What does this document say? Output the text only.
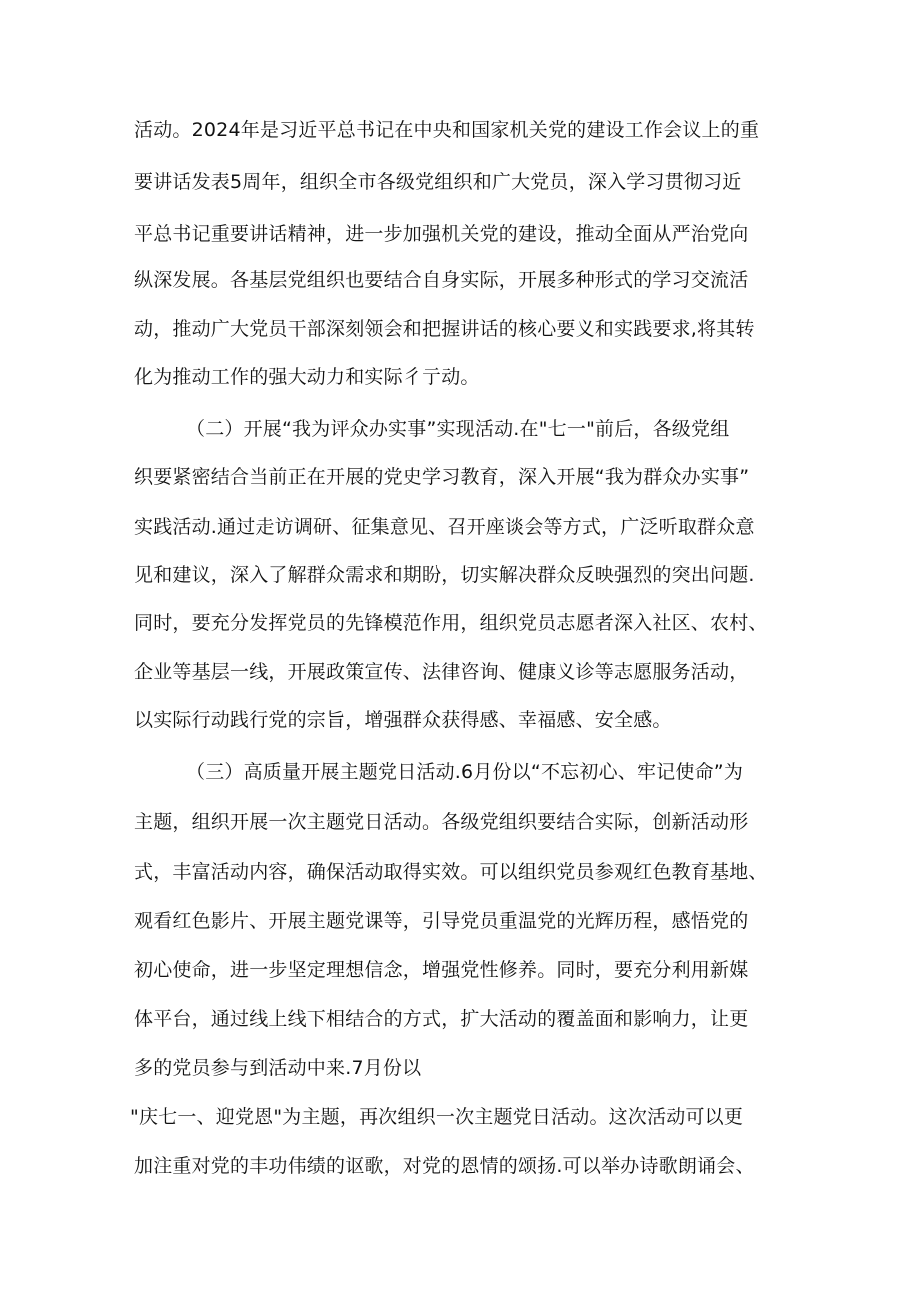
活动。2024年是习近平总书记在中央和国家机关党的建设工作会议上的重
要讲话发表5周年，组织全市各级党组织和广大党员，深入学习贯彻习近
平总书记重要讲话精神，进一步加强机关党的建设，推动全面从严治党向
纵深发展。各基层党组织也要结合自身实际，开展多种形式的学习交流活
动，推动广大党员干部深刻领会和把握讲话的核心要义和实践要求,将其转
化为推动工作的强大动力和实际彳亍动。
（二）开展“我为评众办实事”实现活动.在"七一"前后，各级党组
织要紧密结合当前正在开展的党史学习教育，深入开展“我为群众办实事”
实践活动.通过走访调研、征集意见、召开座谈会等方式，广泛听取群众意
见和建议，深入了解群众需求和期盼，切实解决群众反映强烈的突出问题.
同时，要充分发挥党员的先锋模范作用，组织党员志愿者深入社区、农村、
企业等基层一线，开展政策宣传、法律咨询、健康义诊等志愿服务活动，
以实际行动践行党的宗旨，增强群众获得感、幸福感、安全感。
（三）高质量开展主题党日活动.6月份以“不忘初心、牢记使命”为
主题，组织开展一次主题党日活动。各级党组织要结合实际，创新活动形
式，丰富活动内容，确保活动取得实效。可以组织党员参观红色教育基地、
观看红色影片、开展主题党课等，引导党员重温党的光辉历程，感悟党的
初心使命，进一步坚定理想信念，增强党性修养。同时，要充分利用新媒
体平台，通过线上线下相结合的方式，扩大活动的覆盖面和影响力，让更
多的党员参与到活动中来.7月份以
"庆七一、迎党恩"为主题，再次组织一次主题党日活动。这次活动可以更
加注重对党的丰功伟绩的讴歌，对党的恩情的颂扬.可以举办诗歌朗诵会、
